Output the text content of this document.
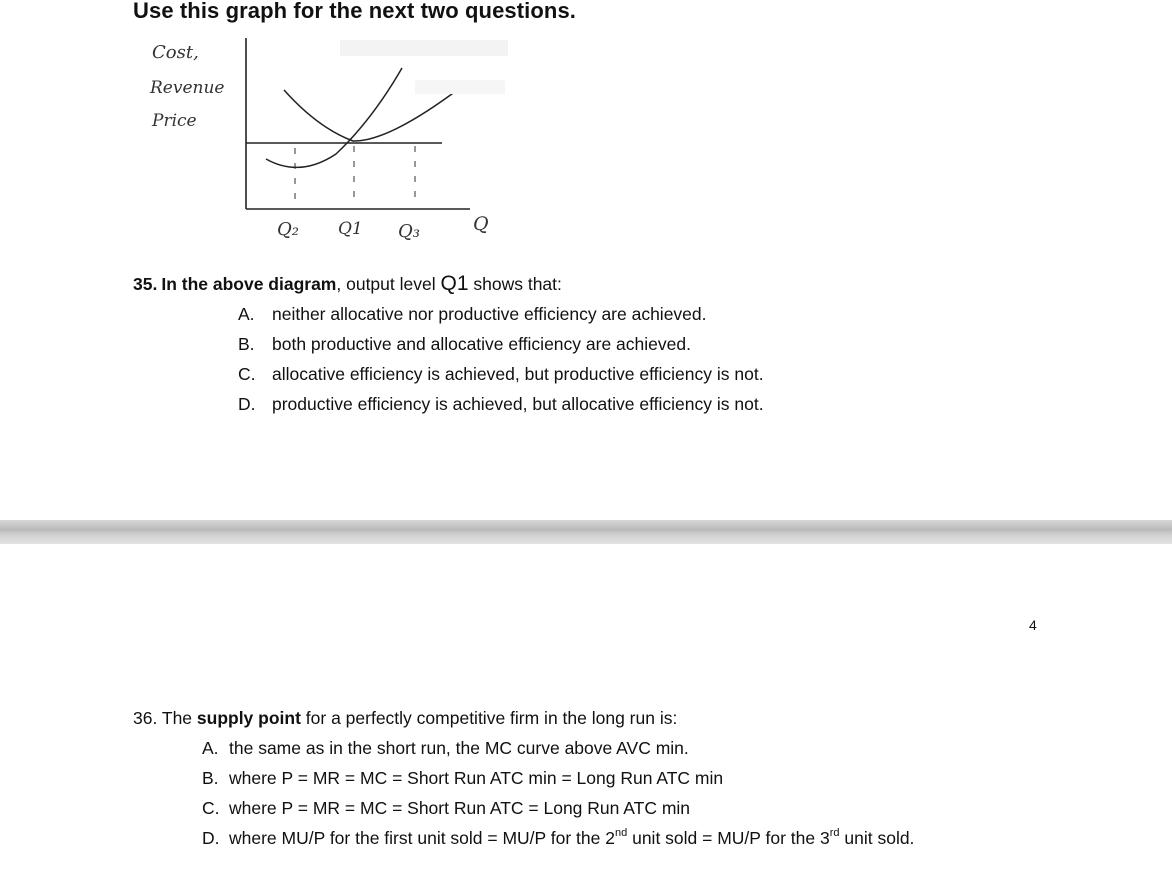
Use this graph for the next two questions.
Cost,
Revenue
Price
Q₂ Q1 Q₃	Q
35. In the above diagram, output level Q1 shows that:
A. neither allocative nor productive efficiency are achieved.
B. both productive and allocative efficiency are achieved.
C. allocative efficiency is achieved, but productive efficiency is not.
D. productive efficiency is achieved, but allocative efficiency is not.
4
36. The supply point for a perfectly competitive firm in the long run is:
A. the same as in the short run, the MC curve above AVC min.
B. where P = MR = MC = Short Run ATC min = Long Run ATC min
C. where P = MR = MC = Short Run ATC = Long Run ATC min
D. where MU/P for the first unit sold = MU/P for the 2nd unit sold = MU/P for the 3rd unit sold.
